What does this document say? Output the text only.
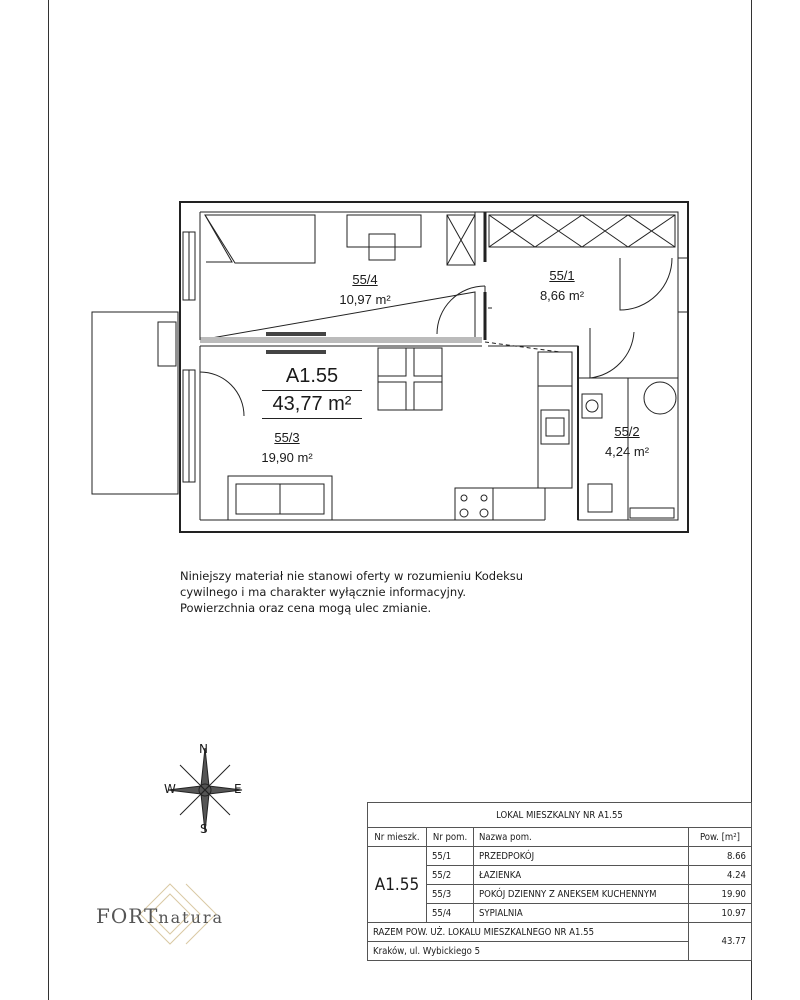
55/4
10,97 m²
55/1
8,66 m²
55/3
19,90 m²
55/2
4,24 m²
A1.55
43,77 m²
Niniejszy materiał nie stanowi oferty w rozumieniu Kodeksu cywilnego i ma charakter wyłącznie informacyjny. Powierzchnia oraz cena mogą ulec zmianie.
N
E
S
W
FORTnatura
LOKAL MIESZKALNY NR A1.55			
Nr mieszk.	Nr pom.	Nazwa pom.	Pow. [m²]
A1.55	55/1	PRZEDPOKÓJ	8.66
	55/2	ŁAZIENKA	4.24
	55/3	POKÓJ DZIENNY Z ANEKSEM KUCHENNYM	19.90
	55/4	SYPIALNIA	10.97
RAZEM POW. UŻ. LOKALU MIESZKALNEGO NR A1.55			43.77
Kraków, ul. Wybickiego 5			
